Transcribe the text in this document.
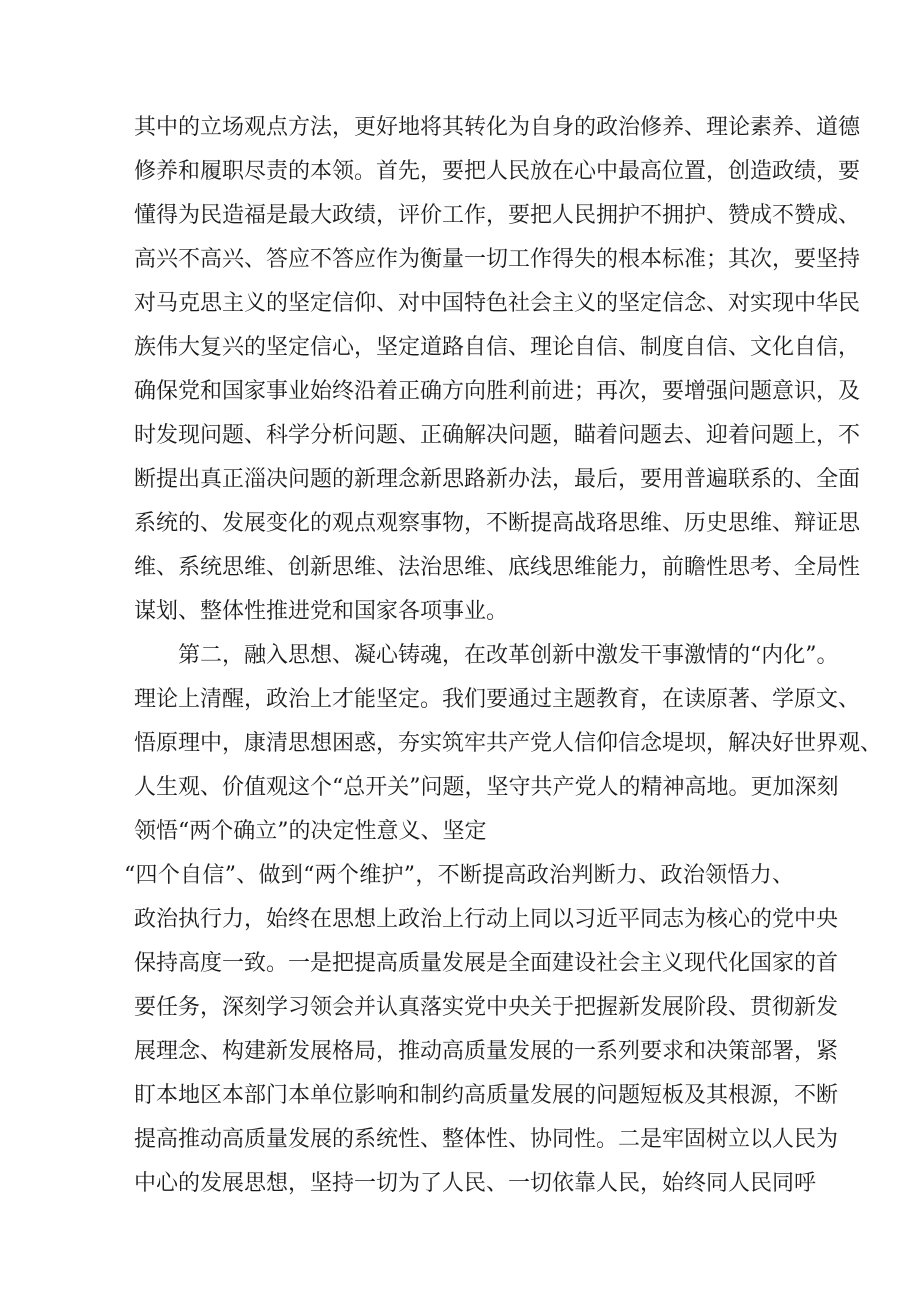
其中的立场观点方法，更好地将其转化为自身的政治修养、理论素养、道德
修养和履职尽责的本领。首先，要把人民放在心中最高位置，创造政绩，要
懂得为民造福是最大政绩，评价工作，要把人民拥护不拥护、赞成不赞成、
高兴不高兴、答应不答应作为衡量一切工作得失的根本标准；其次，要坚持
对马克思主义的坚定信仰、对中国特色社会主义的坚定信念、对实现中华民
族伟大复兴的坚定信心，坚定道路自信、理论自信、制度自信、文化自信，
确保党和国家事业始终沿着正确方向胜利前进；再次，要增强问题意识，及
时发现问题、科学分析问题、正确解决问题，瞄着问题去、迎着问题上，不
断提出真正淄决问题的新理念新思路新办法，最后，要用普遍联系的、全面
系统的、发展变化的观点观察事物，不断提高战珞思维、历史思维、辩证思
维、系统思维、创新思维、法治思维、底线思维能力，前瞻性思考、全局性
谋划、整体性推进党和国家各项事业。
第二，融入思想、凝心铸魂，在改革创新中激发干事激情的“内化”。
理论上清醒，政治上才能坚定。我们要通过主题教育，在读原著、学原文、
悟原理中，康清思想困惑，夯实筑牢共产党人信仰信念堤坝，解决好世界观、
人生观、价值观这个“总开关”问题，坚守共产党人的精神高地。更加深刻
领悟“两个确立”的决定性意义、坚定
“四个自信”、做到“两个维护”，不断提高政治判断力、政治领悟力、
政治执行力，始终在思想上政治上行动上同以习近平同志为核心的党中央
保持高度一致。一是把提高质量发展是全面建设社会主义现代化国家的首
要任务，深刻学习领会并认真落实党中央关于把握新发展阶段、贯彻新发
展理念、构建新发展格局，推动高质量发展的一系列要求和决策部署，紧
盯本地区本部门本单位影响和制约高质量发展的问题短板及其根源，不断
提高推动高质量发展的系统性、整体性、协同性。二是牢固树立以人民为
中心的发展思想，坚持一切为了人民、一切依靠人民，始终同人民同呼
